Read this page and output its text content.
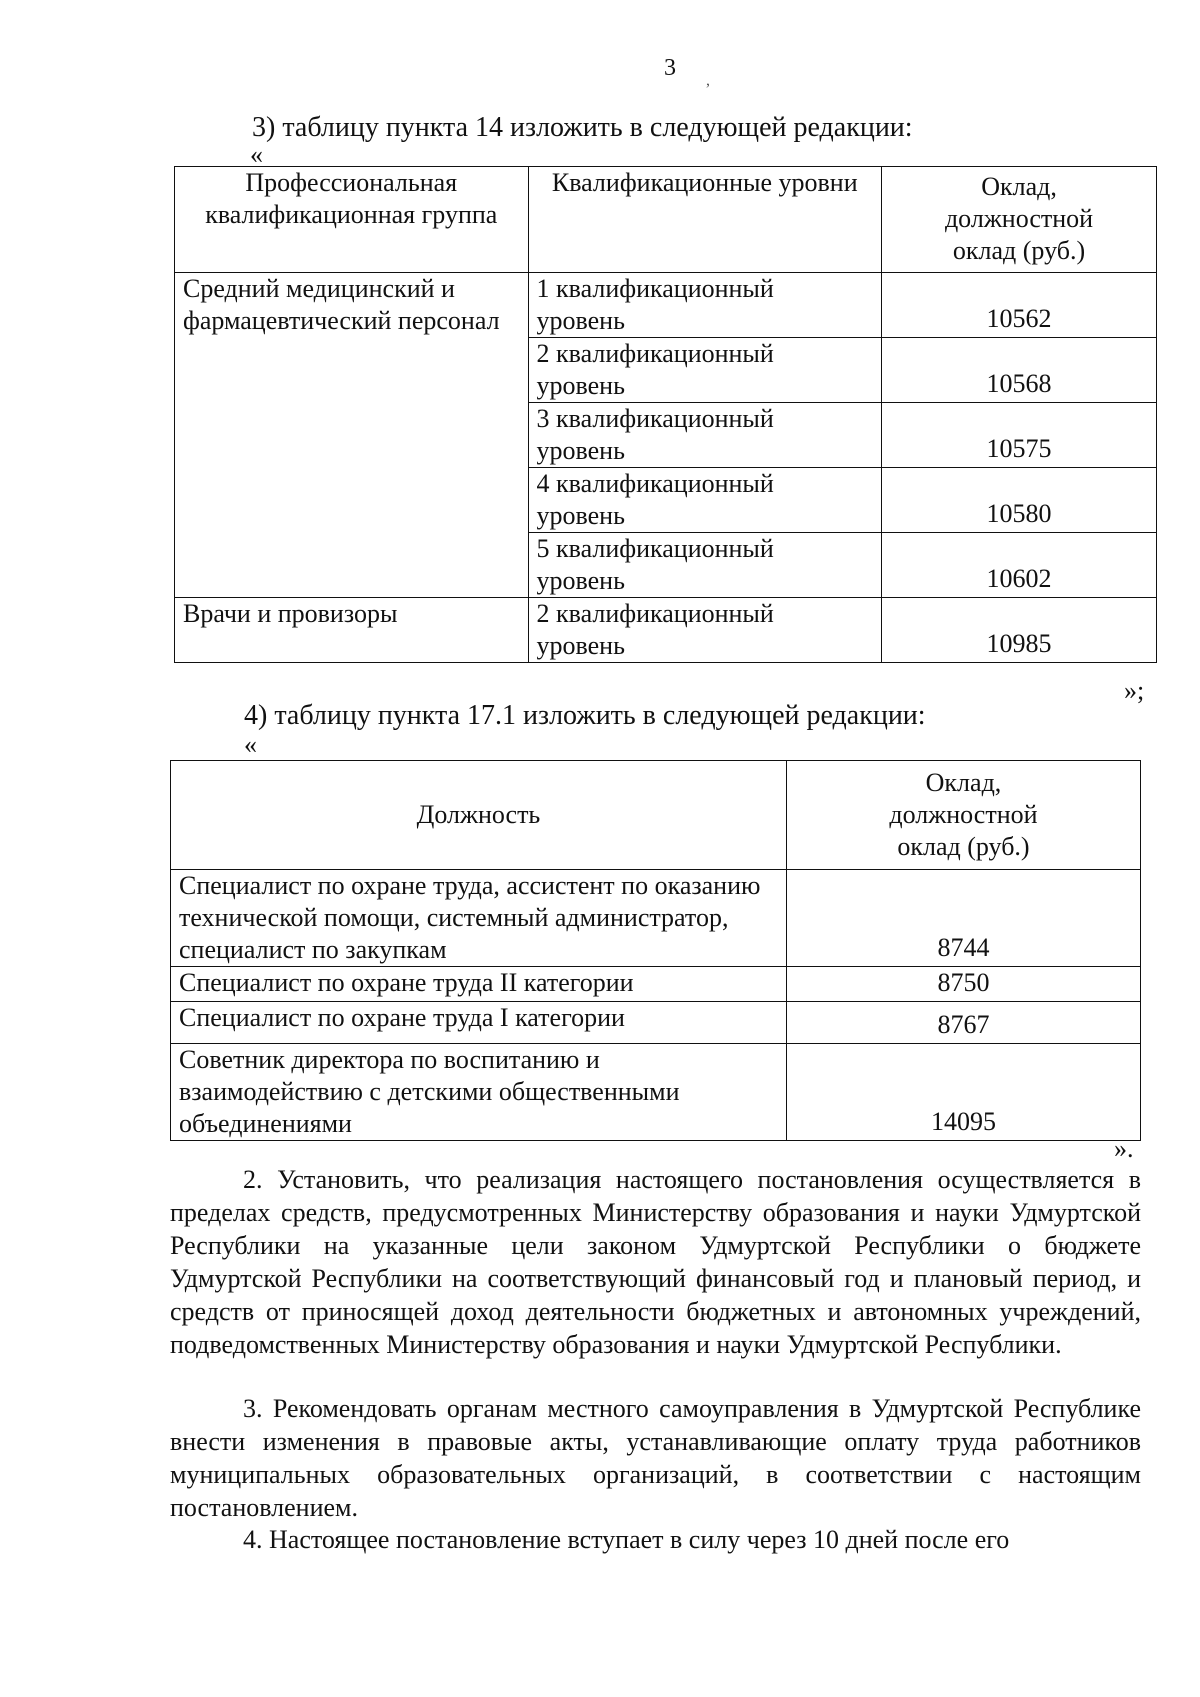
3 ,
3) таблицу пункта 14 изложить в следующей редакции:
«
Профессиональная квалификационная группа	Квалификационные уровни	Оклад, должностной оклад (руб.)
Средний медицинский и фармацевтический персонал	1 квалификационный уровень	10562
	2 квалификационный уровень	10568
	3 квалификационный уровень	10575
	4 квалификационный уровень	10580
	5 квалификационный уровень	10602
Врачи и провизоры	2 квалификационный уровень	10985
»;
4) таблицу пункта 17.1 изложить в следующей редакции:
«
Должность	Оклад, должностной оклад (руб.)
Специалист по охране труда, ассистент по оказанию технической помощи, системный администратор, специалист по закупкам	8744
Специалист по охране труда II категории	8750
Специалист по охране труда I категории	8767
Советник директора по воспитанию и взаимодействию с детскими общественными объединениями	14095
».
2. Установить, что реализация настоящего постановления осуществляется в пределах средств, предусмотренных Министерству образования и науки Удмуртской Республики на указанные цели законом Удмуртской Республики о бюджете Удмуртской Республики на соответствующий финансовый год и плановый период, и средств от приносящей доход деятельности бюджетных и автономных учреждений, подведомственных Министерству образования и науки Удмуртской Республики.
3. Рекомендовать органам местного самоуправления в Удмуртской Республике внести изменения в правовые акты, устанавливающие оплату труда работников муниципальных образовательных организаций, в соответствии с настоящим постановлением.
4. Настоящее постановление вступает в силу через 10 дней после его
